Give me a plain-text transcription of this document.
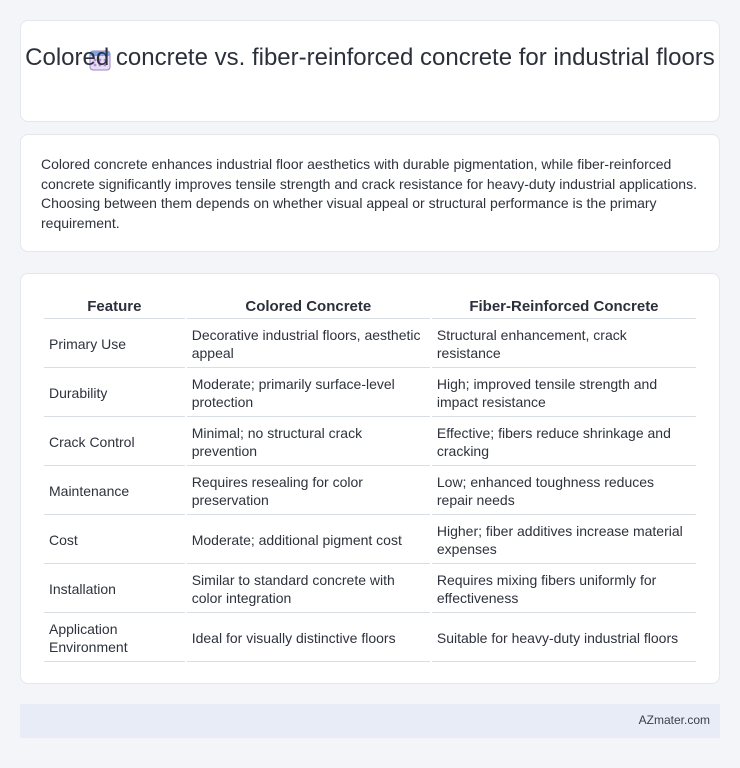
Colored concrete vs. fiber-reinforced concrete for industrial floors

Colored concrete enhances industrial floor aesthetics with durable pigmentation, while fiber-reinforced concrete significantly improves tensile strength and crack resistance for heavy-duty industrial applications. Choosing between them depends on whether visual appeal or structural performance is the primary requirement.

Feature	Colored Concrete	Fiber-Reinforced Concrete
Primary Use	Decorative industrial floors, aesthetic appeal	Structural enhancement, crack resistance
Durability	Moderate; primarily surface-level protection	High; improved tensile strength and impact resistance
Crack Control	Minimal; no structural crack prevention	Effective; fibers reduce shrinkage and cracking
Maintenance	Requires resealing for color preservation	Low; enhanced toughness reduces repair needs
Cost	Moderate; additional pigment cost	Higher; fiber additives increase material expenses
Installation	Similar to standard concrete with color integration	Requires mixing fibers uniformly for effectiveness
Application Environment	Ideal for visually distinctive floors	Suitable for heavy-duty industrial floors
AZmater.com
